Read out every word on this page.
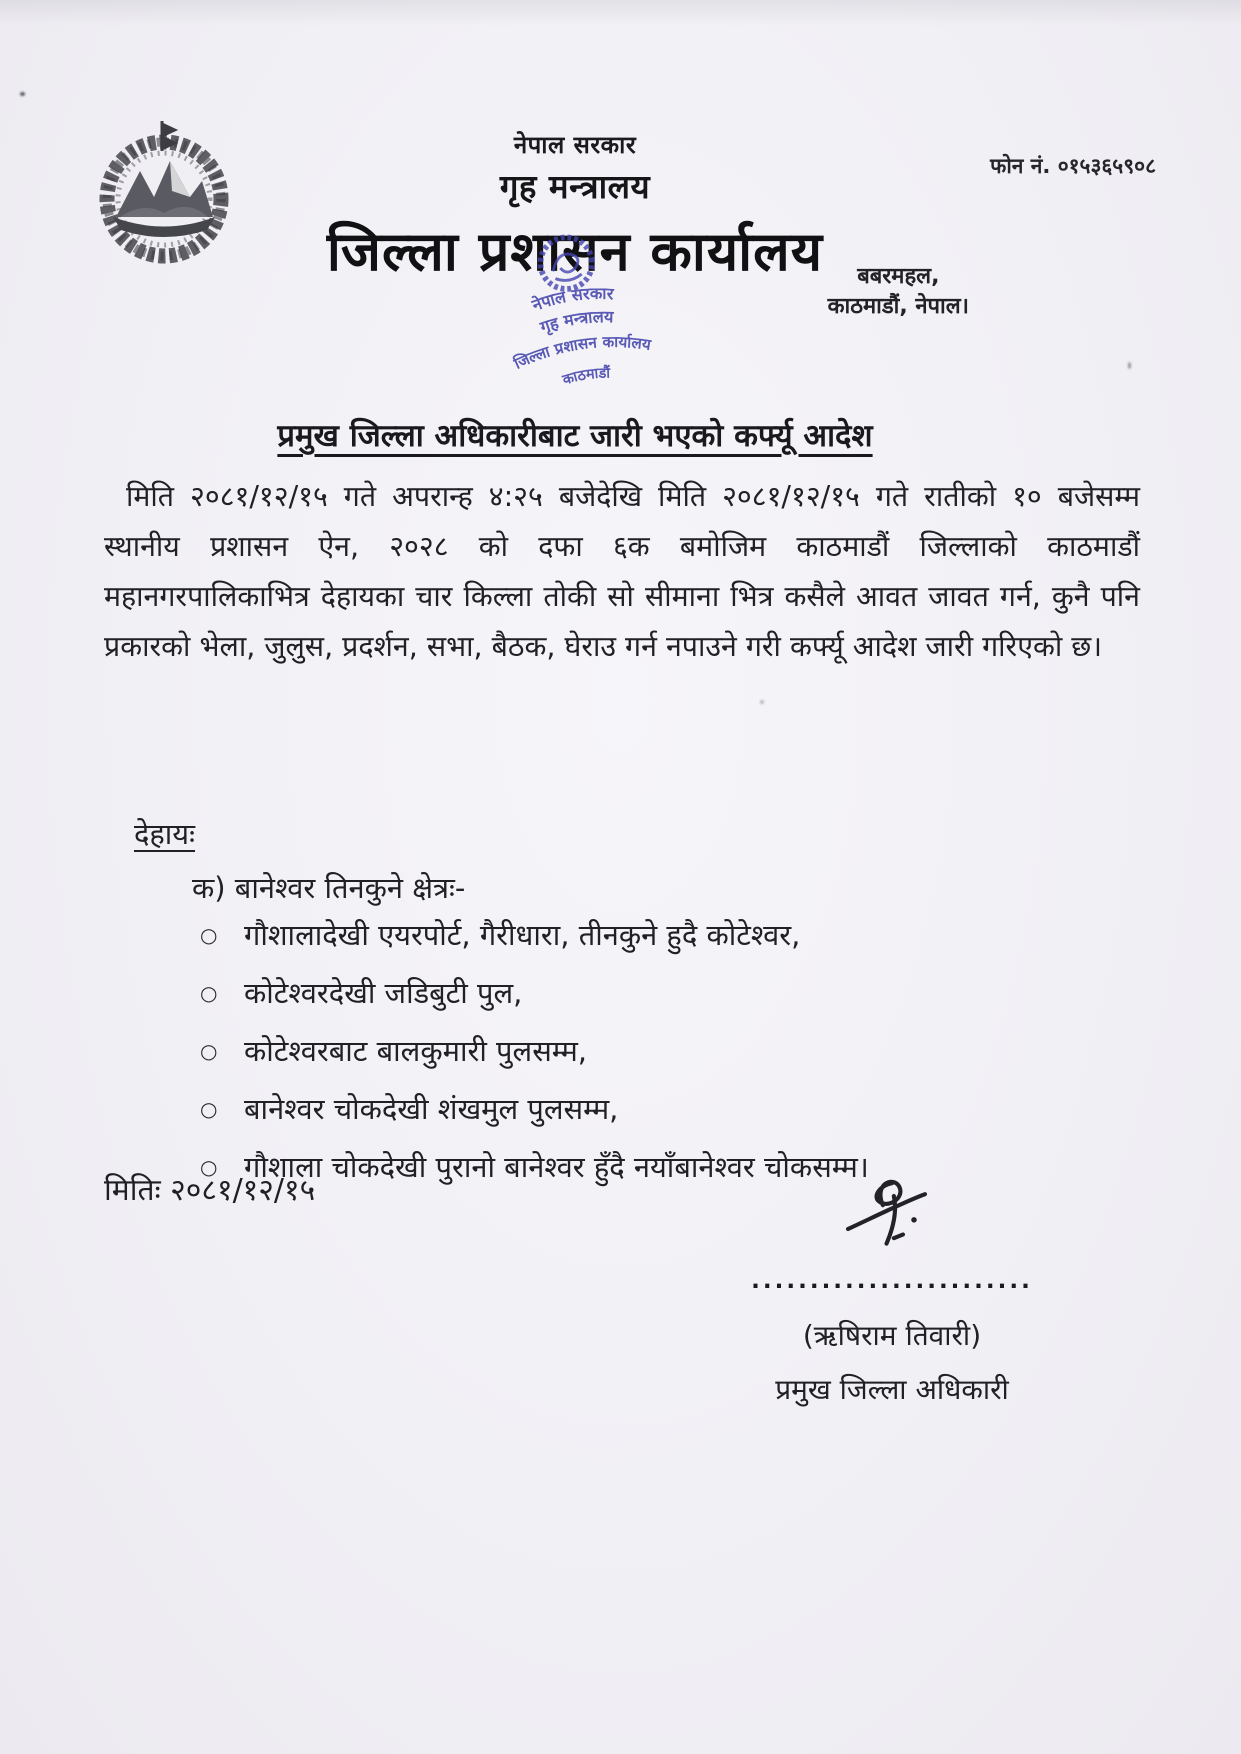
नेपाल सरकार
गृह मन्त्रालय
जिल्ला प्रशासन कार्यालय
फोन नं. ०१५३६५९०८
बबरमहल,
काठमाडौं, नेपाल।
नेपाल सरकार
गृह मन्त्रालय
जिल्ला प्रशासन कार्यालय
काठमाडौं
प्रमुख जिल्ला अधिकारीबाट जारी भएको कर्फ्यू आदेश
मिति २०८१/१२/१५ गते अपरान्ह ४:२५ बजेदेखि मिति २०८१/१२/१५ गते रातीको १० बजेसम्म स्थानीय प्रशासन ऐन, २०२८ को दफा ६क बमोजिम काठमाडौं जिल्लाको काठमाडौं महानगरपालिकाभित्र देहायका चार किल्ला तोकी सो सीमाना भित्र कसैले आवत जावत गर्न, कुनै पनि प्रकारको भेला, जुलुस, प्रदर्शन, सभा, बैठक, घेराउ गर्न नपाउने गरी कर्फ्यू आदेश जारी गरिएको छ।
देहायः
क) बानेश्वर तिनकुने क्षेत्रः-
○ गौशालादेखी एयरपोर्ट, गैरीधारा, तीनकुने हुदै कोटेश्वर,
○ कोटेश्वरदेखी जडिबुटी पुल,
○ कोटेश्वरबाट बालकुमारी पुलसम्म,
○ बानेश्वर चोकदेखी शंखमुल पुलसम्म,
○ गौशाला चोकदेखी पुरानो बानेश्वर हुँदै नयाँबानेश्वर चोकसम्म।
मितिः २०८१/१२/१५
........................
(ऋषिराम तिवारी)
प्रमुख जिल्ला अधिकारी
